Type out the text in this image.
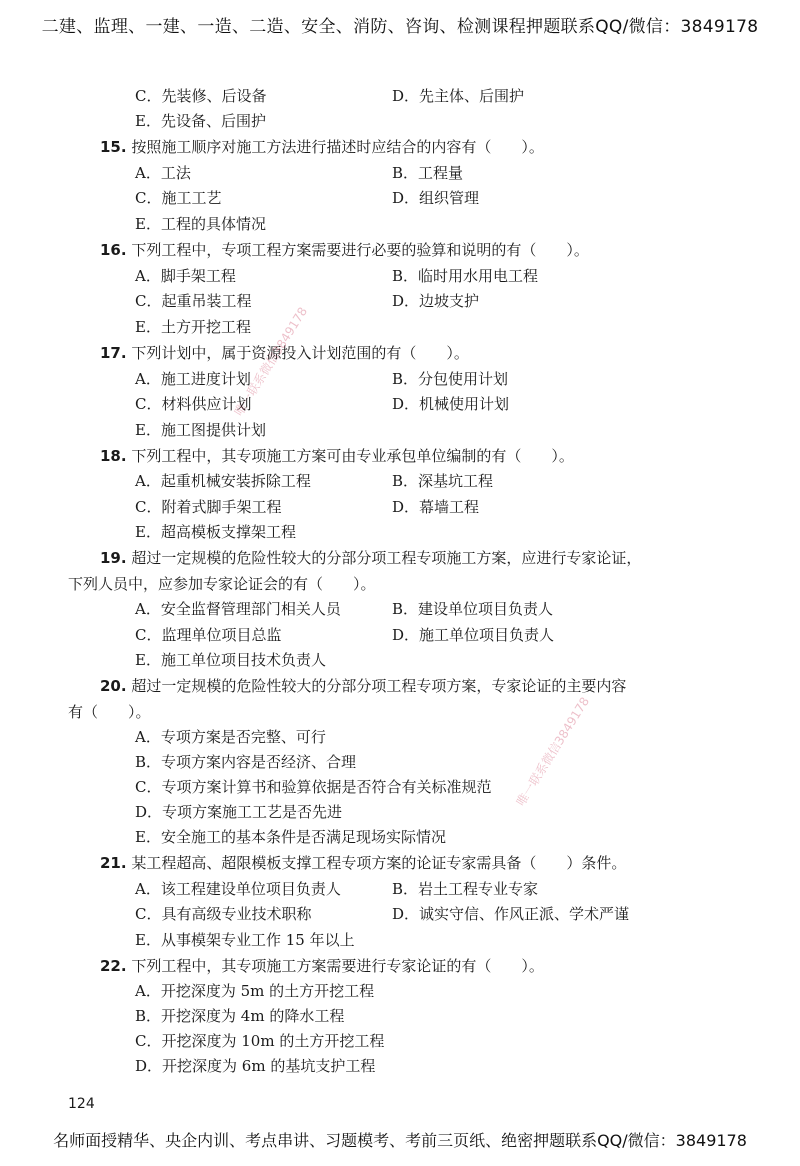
二建、监理、一建、一造、二造、安全、消防、咨询、检测课程押题联系QQ/微信：3849178
C．先装修、后设备	D．先主体、后围护
E．先设备、后围护
15. 按照施工顺序对施工方法进行描述时应结合的内容有（　　）。
A．工法	B．工程量
C．施工工艺	D．组织管理
E．工程的具体情况
16. 下列工程中，专项工程方案需要进行必要的验算和说明的有（　　）。
A．脚手架工程	B．临时用水用电工程
C．起重吊装工程	D．边坡支护
E．土方开挖工程
17. 下列计划中，属于资源投入计划范围的有（　　）。
A．施工进度计划	B．分包使用计划
C．材料供应计划	D．机械使用计划
E．施工图提供计划
18. 下列工程中，其专项施工方案可由专业承包单位编制的有（　　）。
A．起重机械安装拆除工程	B．深基坑工程
C．附着式脚手架工程	D．幕墙工程
E．超高模板支撑架工程
19. 超过一定规模的危险性较大的分部分项工程专项施工方案，应进行专家论证，
下列人员中，应参加专家论证会的有（　　）。
A．安全监督管理部门相关人员	B．建设单位项目负责人
C．监理单位项目总监	D．施工单位项目负责人
E．施工单位项目技术负责人
20. 超过一定规模的危险性较大的分部分项工程专项方案，专家论证的主要内容
有（　　）。
A．专项方案是否完整、可行
B．专项方案内容是否经济、合理
C．专项方案计算书和验算依据是否符合有关标准规范
D．专项方案施工工艺是否先进
E．安全施工的基本条件是否满足现场实际情况
21. 某工程超高、超限模板支撑工程专项方案的论证专家需具备（　　）条件。
A．该工程建设单位项目负责人	B．岩土工程专业专家
C．具有高级专业技术职称	D．诚实守信、作风正派、学术严谨
E．从事模架专业工作 15 年以上
22. 下列工程中，其专项施工方案需要进行专家论证的有（　　）。
A．开挖深度为 5m 的土方开挖工程
B．开挖深度为 4m 的降水工程
C．开挖深度为 10m 的土方开挖工程
D．开挖深度为 6m 的基坑支护工程
唯一联系微信3849178
唯一联系微信3849178
124
名师面授精华、央企内训、考点串讲、习题模考、考前三页纸、绝密押题联系QQ/微信：3849178
